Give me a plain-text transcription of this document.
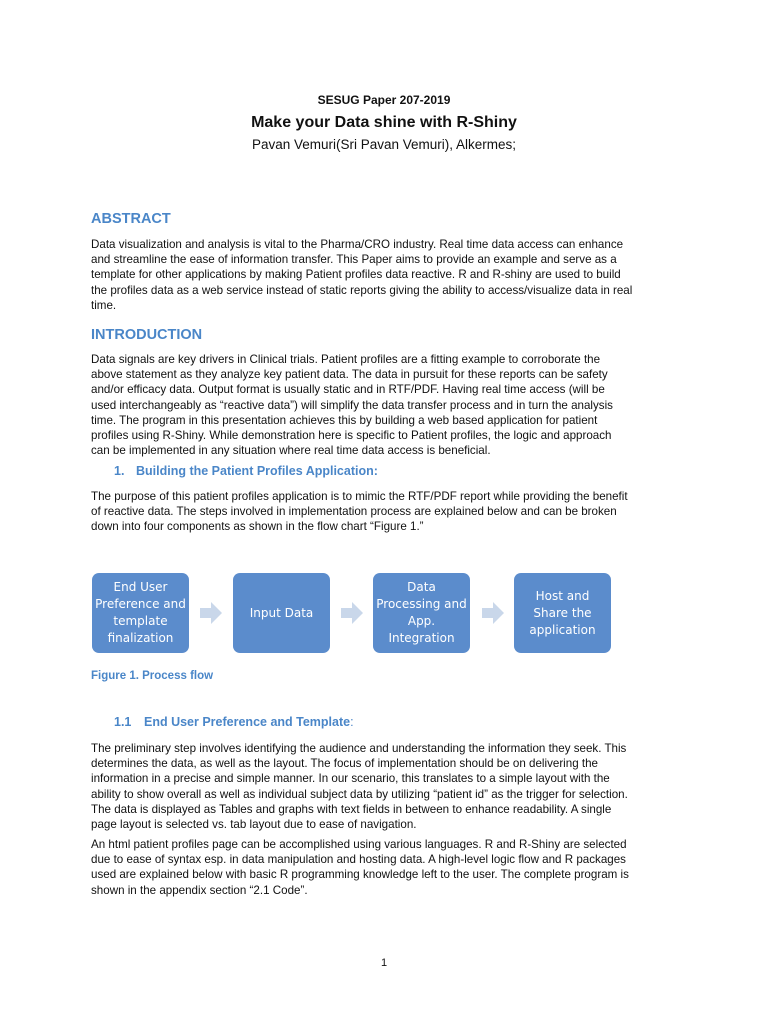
SESUG Paper 207-2019
Make your Data shine with R-Shiny
Pavan Vemuri(Sri Pavan Vemuri), Alkermes;
ABSTRACT
Data visualization and analysis is vital to the Pharma/CRO industry. Real time data access can enhance
and streamline the ease of information transfer. This Paper aims to provide an example and serve as a
template for other applications by making Patient profiles data reactive. R and R-shiny are used to build
the profiles data as a web service instead of static reports giving the ability to access/visualize data in real
time.
INTRODUCTION
Data signals are key drivers in Clinical trials. Patient profiles are a fitting example to corroborate the
above statement as they analyze key patient data. The data in pursuit for these reports can be safety
and/or efficacy data. Output format is usually static and in RTF/PDF. Having real time access (will be
used interchangeably as “reactive data”) will simplify the data transfer process and in turn the analysis
time. The program in this presentation achieves this by building a web based application for patient
profiles using R-Shiny. While demonstration here is specific to Patient profiles, the logic and approach
can be implemented in any situation where real time data access is beneficial.
1. Building the Patient Profiles Application:
The purpose of this patient profiles application is to mimic the RTF/PDF report while providing the benefit
of reactive data. The steps involved in implementation process are explained below and can be broken
down into four components as shown in the flow chart “Figure 1.”
End User Preference and template finalization
Input Data
Data Processing and App. Integration
Host and Share the application
Figure 1. Process flow
1.1 End User Preference and Template:
The preliminary step involves identifying the audience and understanding the information they seek. This
determines the data, as well as the layout. The focus of implementation should be on delivering the
information in a precise and simple manner. In our scenario, this translates to a simple layout with the
ability to show overall as well as individual subject data by utilizing “patient id” as the trigger for selection.
The data is displayed as Tables and graphs with text fields in between to enhance readability. A single
page layout is selected vs. tab layout due to ease of navigation.
An html patient profiles page can be accomplished using various languages. R and R-Shiny are selected
due to ease of syntax esp. in data manipulation and hosting data. A high-level logic flow and R packages
used are explained below with basic R programming knowledge left to the user. The complete program is
shown in the appendix section “2.1 Code”.
1
